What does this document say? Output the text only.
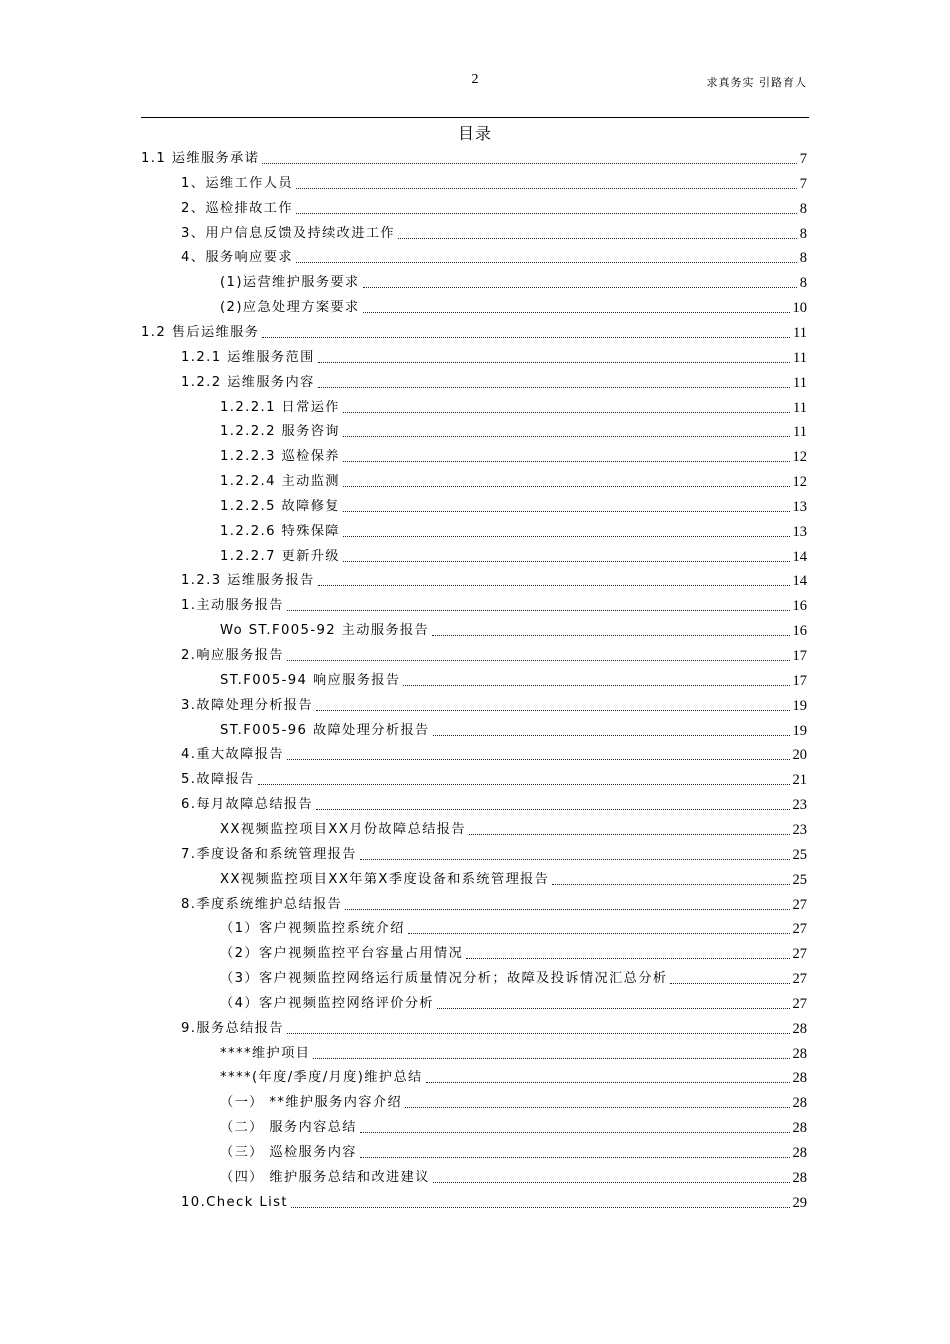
2	求真务实 引路育人
目录
1.1 运维服务承诺	7
1、运维工作人员	7
2、巡检排故工作	8
3、用户信息反馈及持续改进工作	8
4、服务响应要求	8
(1)运营维护服务要求	8
(2)应急处理方案要求	10
1.2 售后运维服务	11
1.2.1 运维服务范围	11
1.2.2 运维服务内容	11
1.2.2.1 日常运作	11
1.2.2.2 服务咨询	11
1.2.2.3 巡检保养	12
1.2.2.4 主动监测	12
1.2.2.5 故障修复	13
1.2.2.6 特殊保障	13
1.2.2.7 更新升级	14
1.2.3 运维服务报告	14
1.主动服务报告	16
Wo ST.F005-92 主动服务报告	16
2.响应服务报告	17
ST.F005-94 响应服务报告	17
3.故障处理分析报告	19
ST.F005-96 故障处理分析报告	19
4.重大故障报告	20
5.故障报告	21
6.每月故障总结报告	23
XX视频监控项目XX月份故障总结报告	23
7.季度设备和系统管理报告	25
XX视频监控项目XX年第X季度设备和系统管理报告	25
8.季度系统维护总结报告	27
（1）客户视频监控系统介绍	27
（2）客户视频监控平台容量占用情况	27
（3）客户视频监控网络运行质量情况分析；故障及投诉情况汇总分析	27
（4）客户视频监控网络评价分析	27
9.服务总结报告	28
****维护项目	28
****(年度/季度/月度)维护总结	28
（一） **维护服务内容介绍	28
（二） 服务内容总结	28
（三） 巡检服务内容	28
（四） 维护服务总结和改进建议	28
10.Check List	29
